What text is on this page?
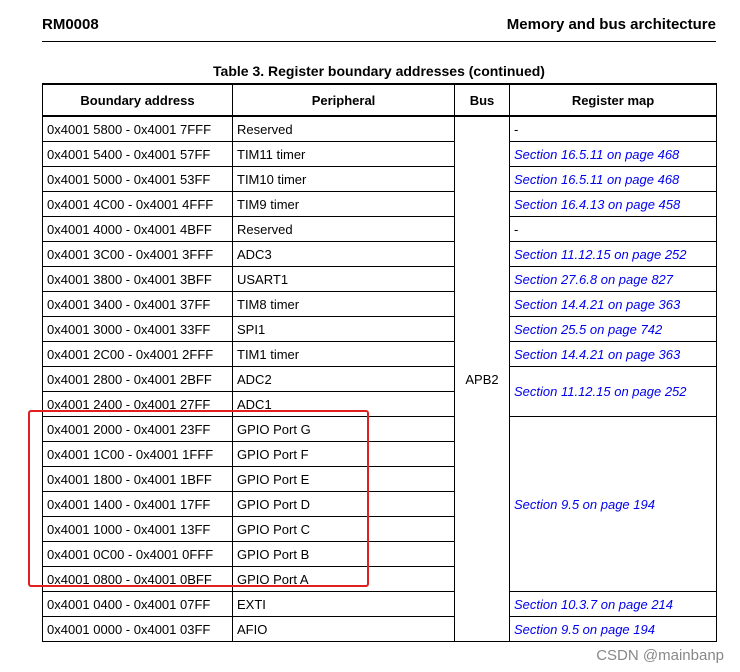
RM0008	Memory and bus architecture
Table 3. Register boundary addresses (continued)
Boundary address	Peripheral	Bus	Register map
0x4001 5800 - 0x4001 7FFF	Reserved	APB2	-
0x4001 5400 - 0x4001 57FF	TIM11 timer		Section 16.5.11 on page 468
0x4001 5000 - 0x4001 53FF	TIM10 timer		Section 16.5.11 on page 468
0x4001 4C00 - 0x4001 4FFF	TIM9 timer		Section 16.4.13 on page 458
0x4001 4000 - 0x4001 4BFF	Reserved		-
0x4001 3C00 - 0x4001 3FFF	ADC3		Section 11.12.15 on page 252
0x4001 3800 - 0x4001 3BFF	USART1		Section 27.6.8 on page 827
0x4001 3400 - 0x4001 37FF	TIM8 timer		Section 14.4.21 on page 363
0x4001 3000 - 0x4001 33FF	SPI1		Section 25.5 on page 742
0x4001 2C00 - 0x4001 2FFF	TIM1 timer		Section 14.4.21 on page 363
0x4001 2800 - 0x4001 2BFF	ADC2		Section 11.12.15 on page 252
0x4001 2400 - 0x4001 27FF	ADC1		
0x4001 2000 - 0x4001 23FF	GPIO Port G		Section 9.5 on page 194
0x4001 1C00 - 0x4001 1FFF	GPIO Port F		
0x4001 1800 - 0x4001 1BFF	GPIO Port E		
0x4001 1400 - 0x4001 17FF	GPIO Port D		
0x4001 1000 - 0x4001 13FF	GPIO Port C		
0x4001 0C00 - 0x4001 0FFF	GPIO Port B		
0x4001 0800 - 0x4001 0BFF	GPIO Port A		
0x4001 0400 - 0x4001 07FF	EXTI		Section 10.3.7 on page 214
0x4001 0000 - 0x4001 03FF	AFIO		Section 9.5 on page 194
CSDN @mainbanp
